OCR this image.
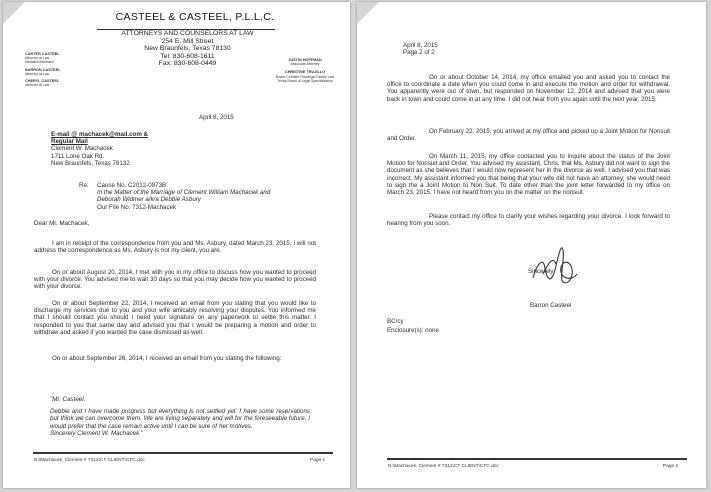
CASTEEL & CASTEEL, P.L.L.C.
ATTORNEYS AND COUNSELORS AT LAW
254 E. Mill Street
New Braunfels, Texas 78130
Tel: 830-608-1611
Fax: 830-608-0449
CARTER CASTEEL
Attorney at Law
Mediator/Arbitrator
BARRON CASTEEL
Attorney at Law
CHERYL CASTEEL
Attorney at Law
JUSTIN HOFFMAN
Associate Attorney
CHRISTINE TRUJILLO
Board Certified Paralegal-Family Law
Texas Board of Legal Specialization
April 8, 2015
E-mail @ machacek@mail.com &
Regular Mail
Clement W. Machacek
1711 Lone Oak Rd.
New Braunfels, Texas 78132
Re: Cause No. C2012-0973B
In the Matter of the Marriage of Clement William Machacek and
Deborah Widmer a/k/a Debbie Asbury
Our File No. 7312-Machacek
Dear Mr. Machacek,

I am in receipt of the correspondence from you and Ms. Asbury, dated March 23, 2015. I will not address the correspondence as Ms. Asbury is not my client, you are.

On or about August 20, 2014, I met with you in my office to discuss how you wanted to proceed with your divorce. You advised me to wait 30 days so that you may decide how you wanted to proceed with your divorce.

On or about September 22, 2014, I received an email from you stating that you would like to discharge my services due to you and your wife amicably resolving your disputes. You informed me that I should contact you should I need your signature on any paperwork to settle this matter. I responded to you that same day and advised you that I would be preparing a motion and order to withdraw and asked if you wanted the case dismissed as well.

On or about September 26, 2014, I received an email from you stating the following:

"Mr. Casteel,

Debbie and I have made progress but everything is not settled yet. I have some reservations but think we can overcome them. We are living separately and will for the foreseeable future. I would prefer that the case remain active until I can be sure of her motives.

Sincerely Clement W. Machacek "

N:\Machacek, Clement # 7312\CT CLIENT\CTC.doc	Page 1
April 8, 2015
Page 2 of 2

On or about October 14, 2014, my office emailed you and asked you to contact the office to coordinate a date when you could come in and execute the motion and order for withdrawal. You apparently were out of town, but responded on November 12, 2014 and advised that you were back in town and could come in at any time. I did not hear from you again until the next year, 2015.

On February 22, 2015, you arrived at my office and picked up a Joint Motion for Nonsuit and Order.

On March 11, 2015, my office contacted you to inquire about the status of the Joint Motion for Nonsuit and Order. You advised my assistant, Chris, that Ms. Asbury did not want to sign the document as she believes that I would now represent her in the divorce as well. I advised you that was incorrect. My assistant informed you that being that your wife did not have an attorney; she would need to sign the a Joint Motion to Non Suit. To date other than the joint letter forwarded to my office on March 23, 2015, I have not heard from you on the matter on the nonsuit.

Please contact my office to clarify your wishes regarding your divorce. I look forward to hearing from you soon.

Sincerely,
Barron Casteel
BC/cy
Enclosure(s): none
N:\Machacek, Clement # 7312\CT CLIENT\CTC.doc	Page 2
